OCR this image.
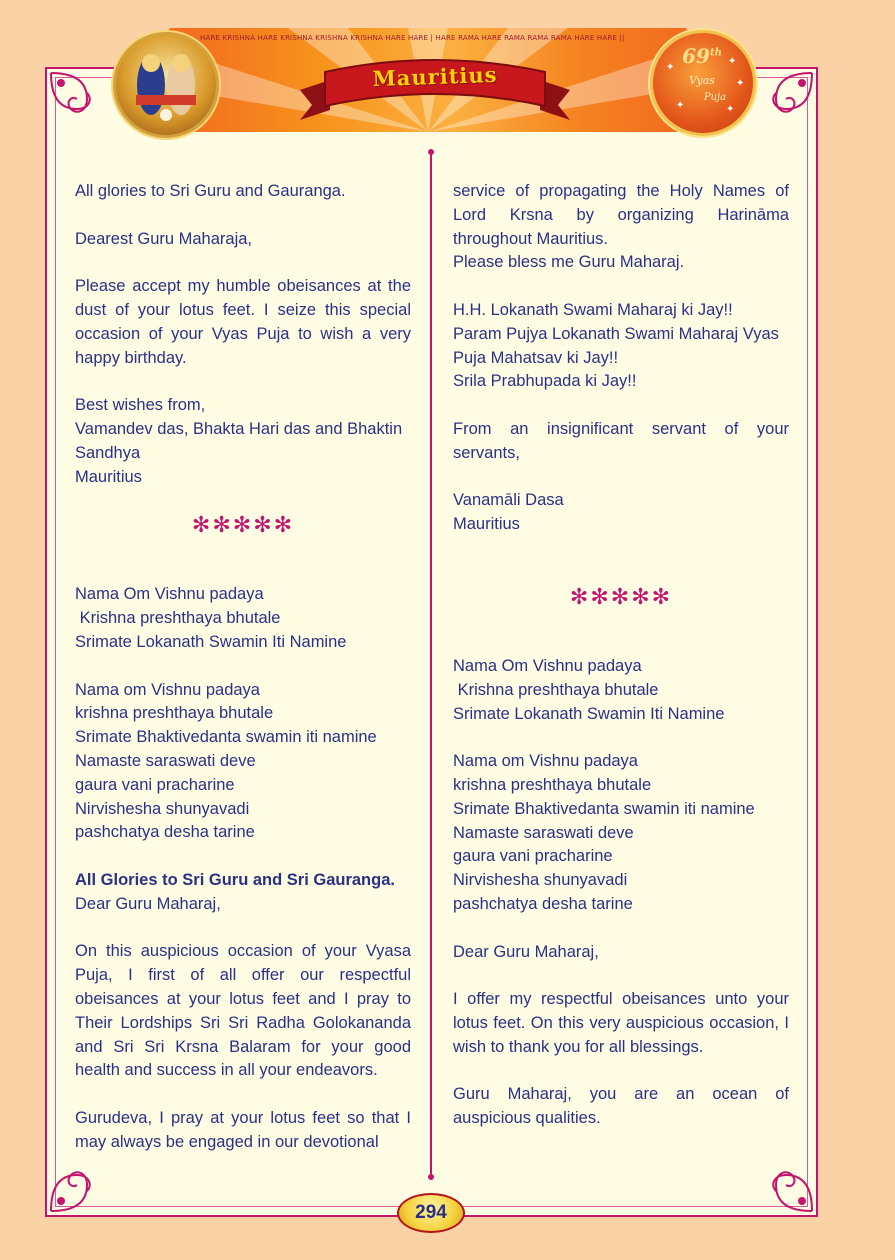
HARE KRISHNA HARE KRISHNA KRISHNA KRISHNA HARE HARE | HARE RAMA HARE RAMA RAMA RAMA HARE HARE ||
Mauritius
69th
Vyas
Puja
✦
✦
✦
✦	✦

All glories to Sri Guru and Gauranga.

Dearest Guru Maharaja,

Please accept my humble obeisances at the dust of your lotus feet. I seize this special occasion of your Vyas Puja to wish a very happy birthday.

Best wishes from,

Vamandev das, Bhakta Hari das and Bhaktin Sandhya

Mauritius

✻✻✻✻✻

Nama Om Vishnu padaya

Krishna preshthaya bhutale

Srimate Lokanath Swamin Iti Namine

Nama om Vishnu padaya

krishna preshthaya bhutale

Srimate Bhaktivedanta swamin iti namine

Namaste saraswati deve

gaura vani pracharine

Nirvishesha shunyavadi

pashchatya desha tarine

All Glories to Sri Guru and Sri Gauranga.

Dear Guru Maharaj,

On this auspicious occasion of your Vyasa Puja, I first of all offer our respectful obeisances at your lotus feet and I pray to Their Lordships Sri Sri Radha Golokananda and Sri Sri Krsna Balaram for your good health and success in all your endeavors.

Gurudeva, I pray at your lotus feet so that I may always be engaged in our devotional

service of propagating the Holy Names of Lord Krsna by organizing Harināma throughout Mauritius.

Please bless me Guru Maharaj.

H.H. Lokanath Swami Maharaj ki Jay!!

Param Pujya Lokanath Swami Maharaj Vyas Puja Mahatsav ki Jay!!

Srila Prabhupada ki Jay!!

From an insignificant servant of your servants,

Vanamāli Dasa

Mauritius

✻✻✻✻✻

Nama Om Vishnu padaya

Krishna preshthaya bhutale

Srimate Lokanath Swamin Iti Namine

Nama om Vishnu padaya

krishna preshthaya bhutale

Srimate Bhaktivedanta swamin iti namine

Namaste saraswati deve

gaura vani pracharine

Nirvishesha shunyavadi

pashchatya desha tarine

Dear Guru Maharaj,

I offer my respectful obeisances unto your lotus feet. On this very auspicious occasion, I wish to thank you for all blessings.

Guru Maharaj, you are an ocean of auspicious qualities.

294
